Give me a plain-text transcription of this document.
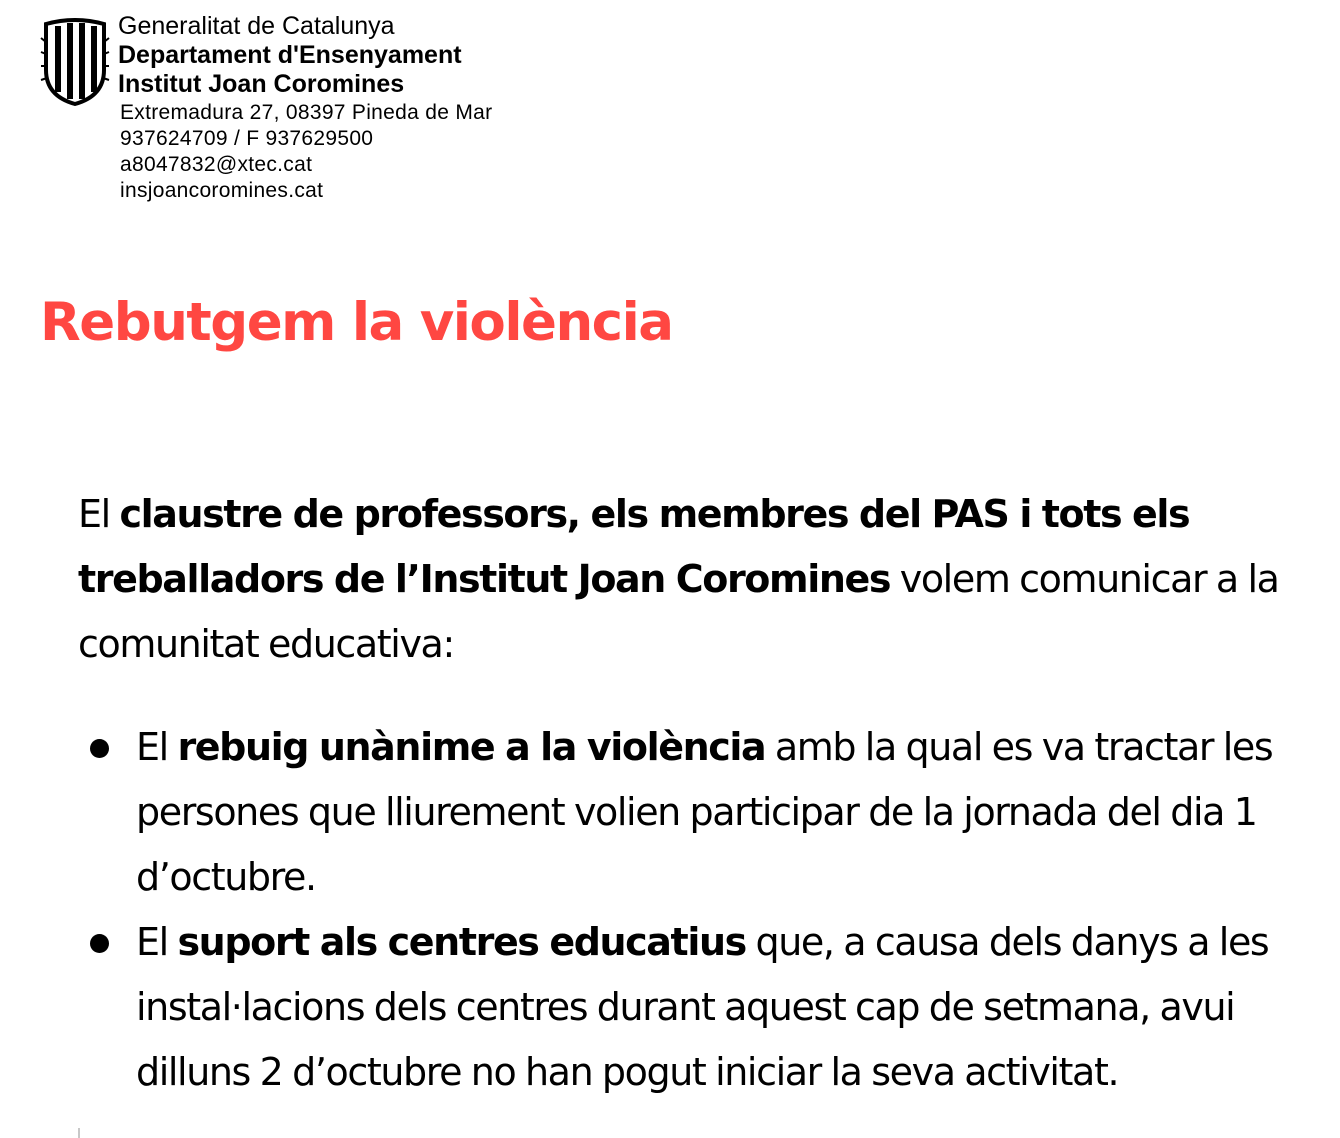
Generalitat de Catalunya
Departament d'Ensenyament
Institut Joan Coromines
Extremadura 27, 08397 Pineda de Mar
937624709 / F 937629500
a8047832@xtec.cat
insjoancoromines.cat
Rebutgem la violència

El claustre de professors, els membres del PAS i tots els treballadors de l’Institut Joan Coromines volem comunicar a la comunitat educativa:

El rebuig unànime a la violència amb la qual es va tractar les persones que lliurement volien participar de la jornada del dia 1 d’octubre.
El suport als centres educatius que, a causa dels danys a les instal·lacions dels centres durant aquest cap de setmana, avui dilluns 2 d’octubre no han pogut iniciar la seva activitat.
